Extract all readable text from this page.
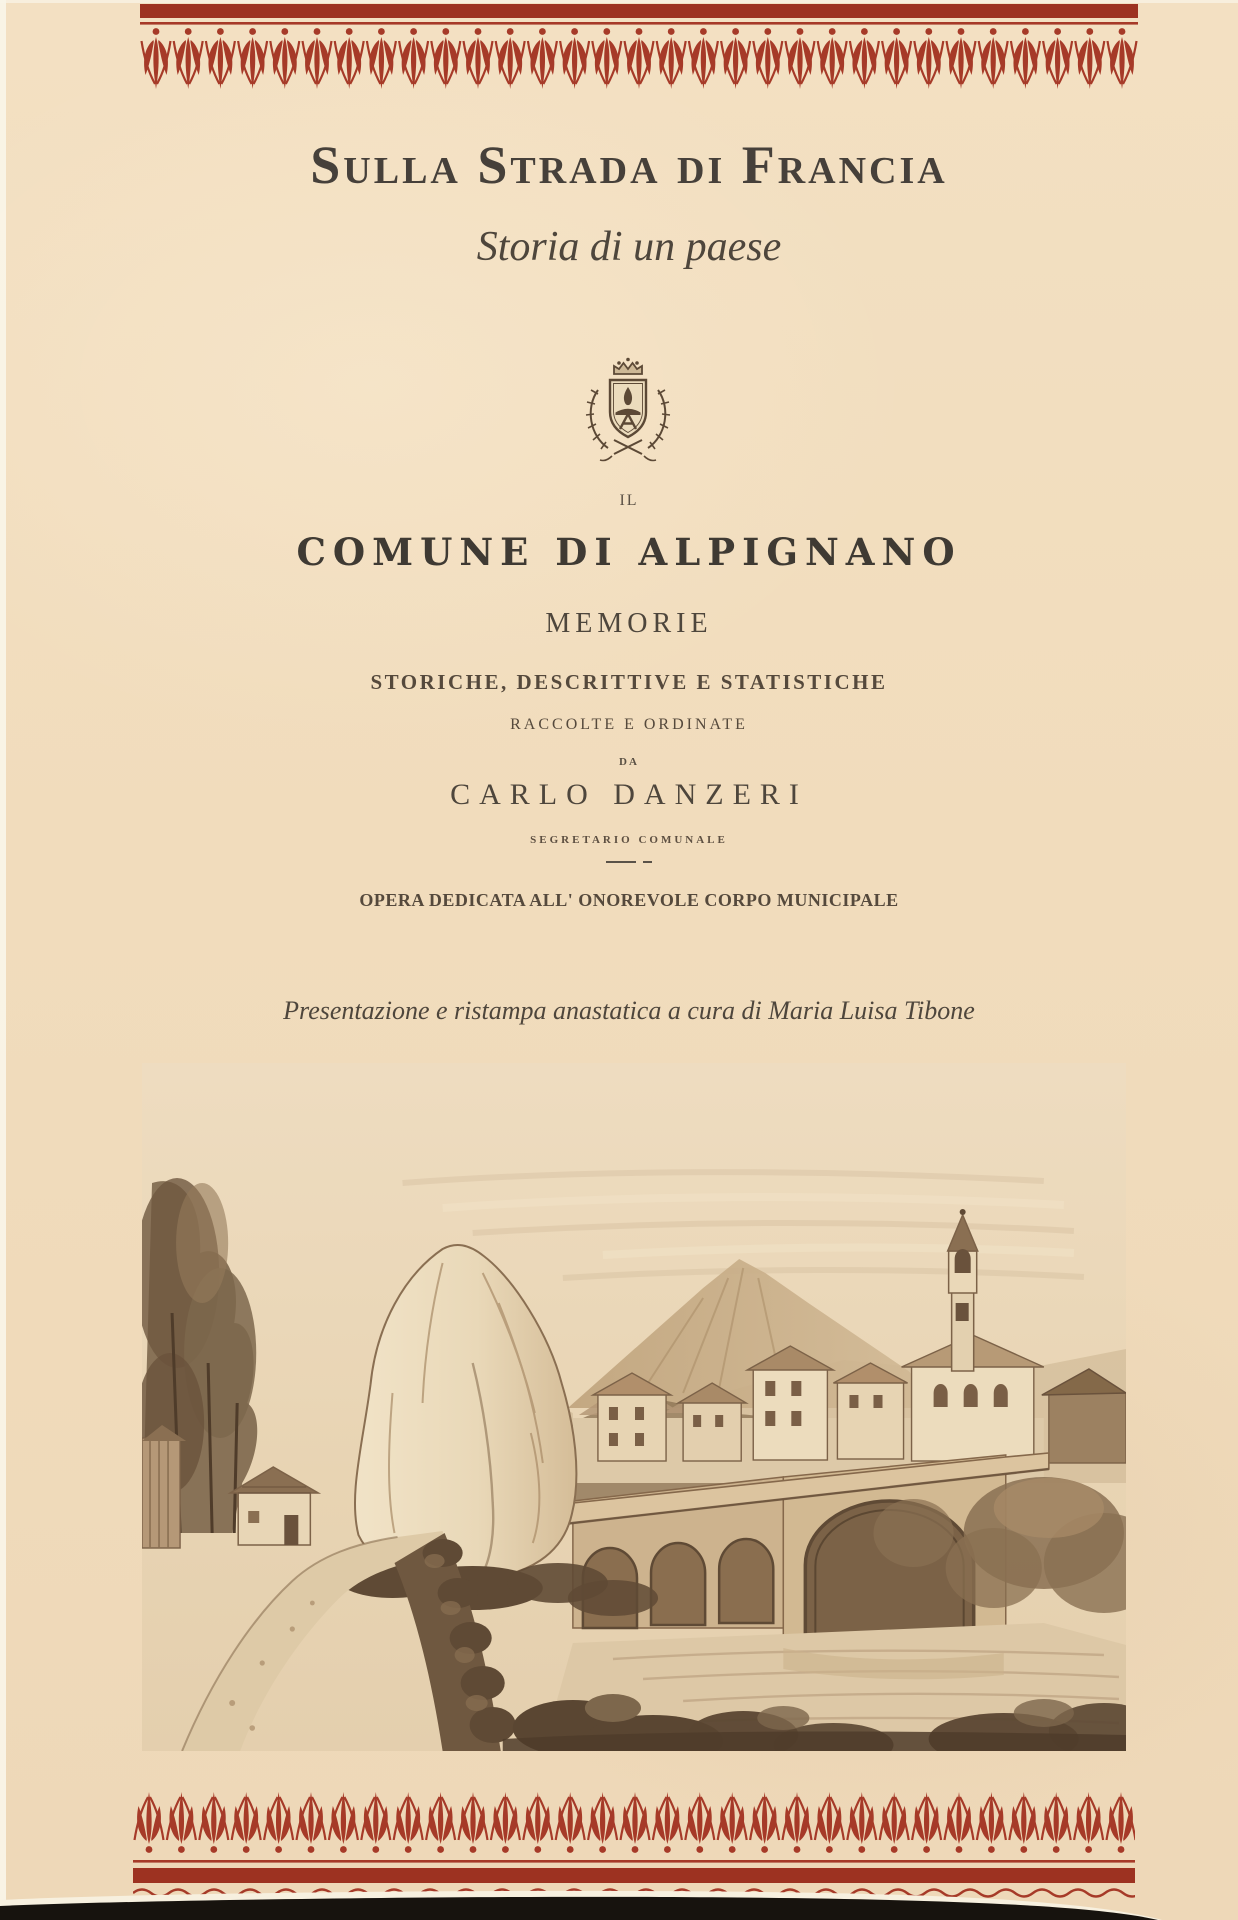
Sulla Strada di Francia
Storia di un paese
IL
COMUNE DI ALPIGNANO
MEMORIE
STORICHE, DESCRITTIVE E STATISTICHE
RACCOLTE E ORDINATE
DA
CARLO DANZERI
SEGRETARIO COMUNALE
OPERA DEDICATA ALL' ONOREVOLE CORPO MUNICIPALE
Presentazione e ristampa anastatica a cura di Maria Luisa Tibone
